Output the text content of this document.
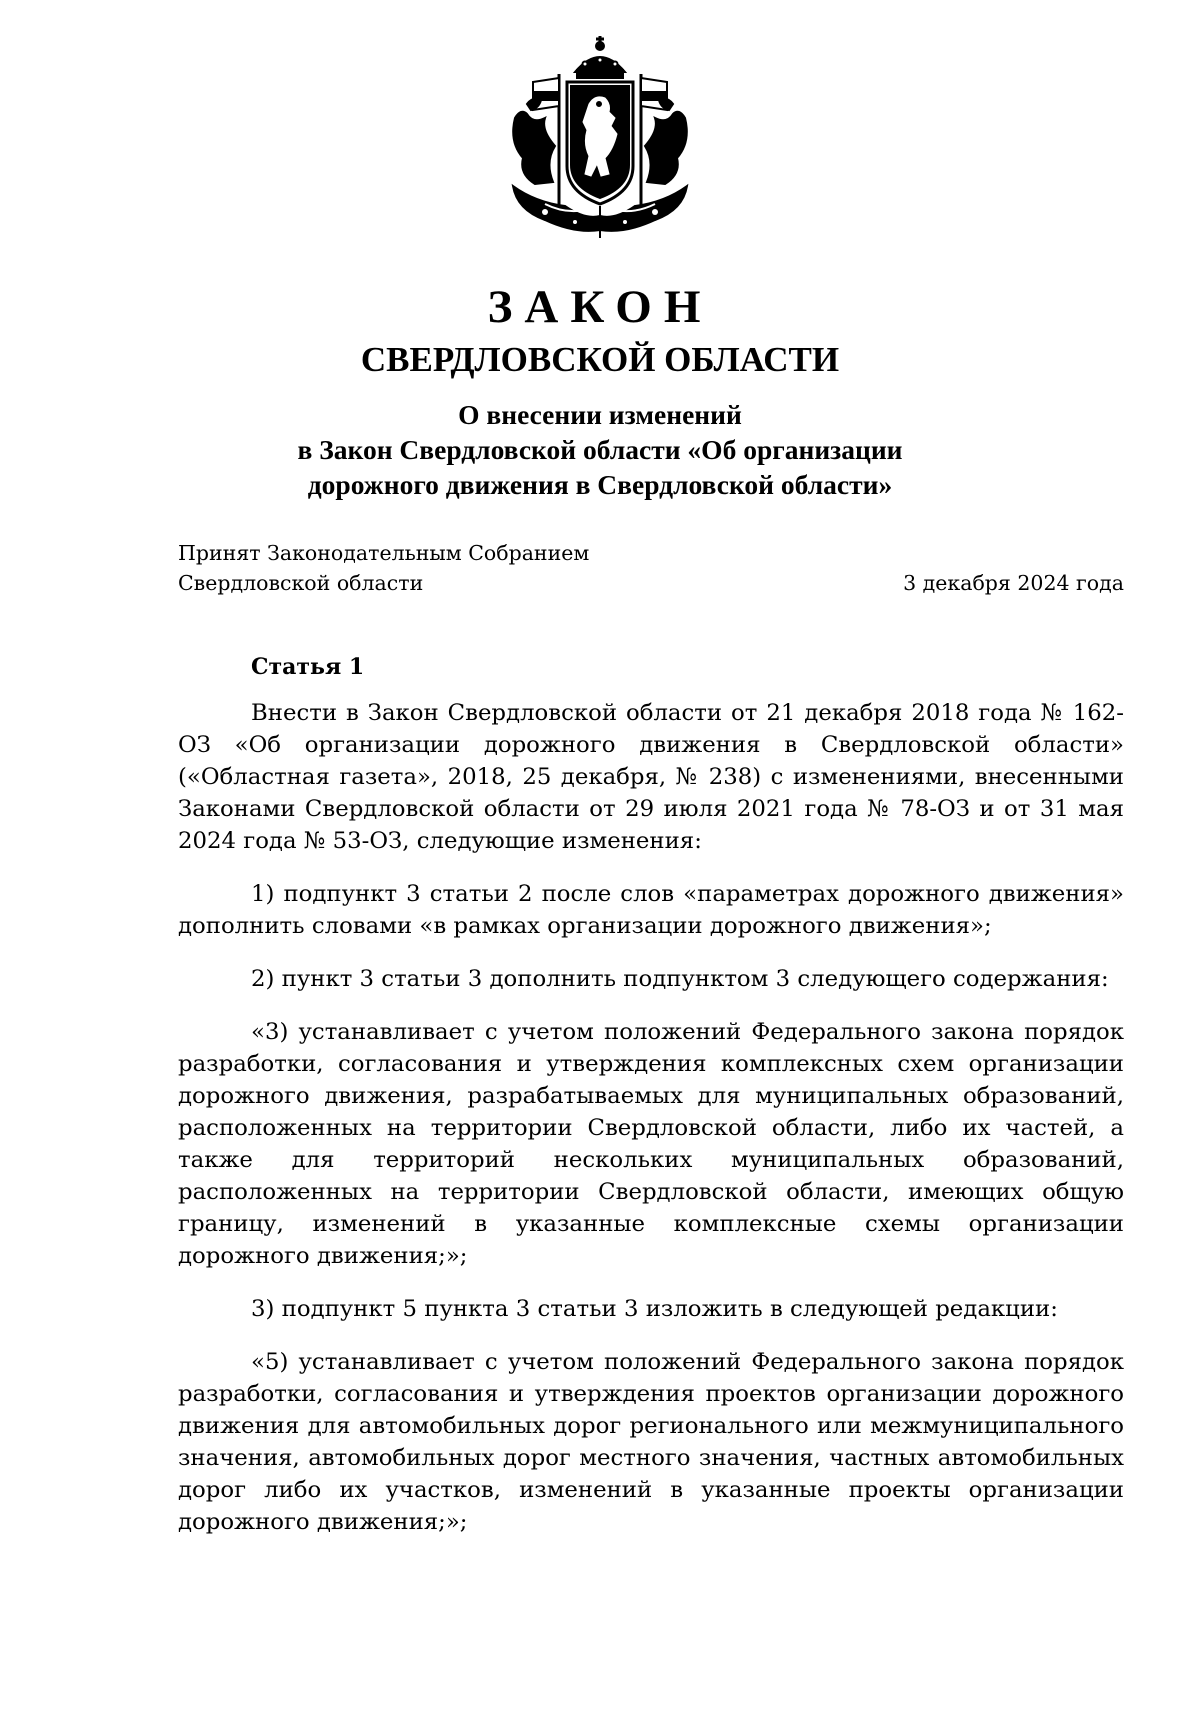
ЗАКОН
СВЕРДЛОВСКОЙ ОБЛАСТИ
О внесении изменений
в Закон Свердловской области «Об организации
дорожного движения в Свердловской области»
Принят Законодательным Собранием
Свердловской области	3 декабря 2024 года
Статья 1

Внести в Закон Свердловской области от 21 декабря 2018 года № 162-ОЗ «Об организации дорожного движения в Свердловской области» («Областная газета», 2018, 25 декабря, № 238) с изменениями, внесенными Законами Свердловской области от 29 июля 2021 года № 78-ОЗ и от 31 мая 2024 года № 53-ОЗ, следующие изменения:

1) подпункт 3 статьи 2 после слов «параметрах дорожного движения» дополнить словами «в рамках организации дорожного движения»;

2) пункт 3 статьи 3 дополнить подпунктом 3 следующего содержания:

«3) устанавливает с учетом положений Федерального закона порядок разработки, согласования и утверждения комплексных схем организации дорожного движения, разрабатываемых для муниципальных образований, расположенных на территории Свердловской области, либо их частей, а также для территорий нескольких муниципальных образований, расположенных на территории Свердловской области, имеющих общую границу, изменений в указанные комплексные схемы организации дорожного движения;»;

3) подпункт 5 пункта 3 статьи 3 изложить в следующей редакции:

«5) устанавливает с учетом положений Федерального закона порядок разработки, согласования и утверждения проектов организации дорожного движения для автомобильных дорог регионального или межмуниципального значения, автомобильных дорог местного значения, частных автомобильных дорог либо их участков, изменений в указанные проекты организации дорожного движения;»;
